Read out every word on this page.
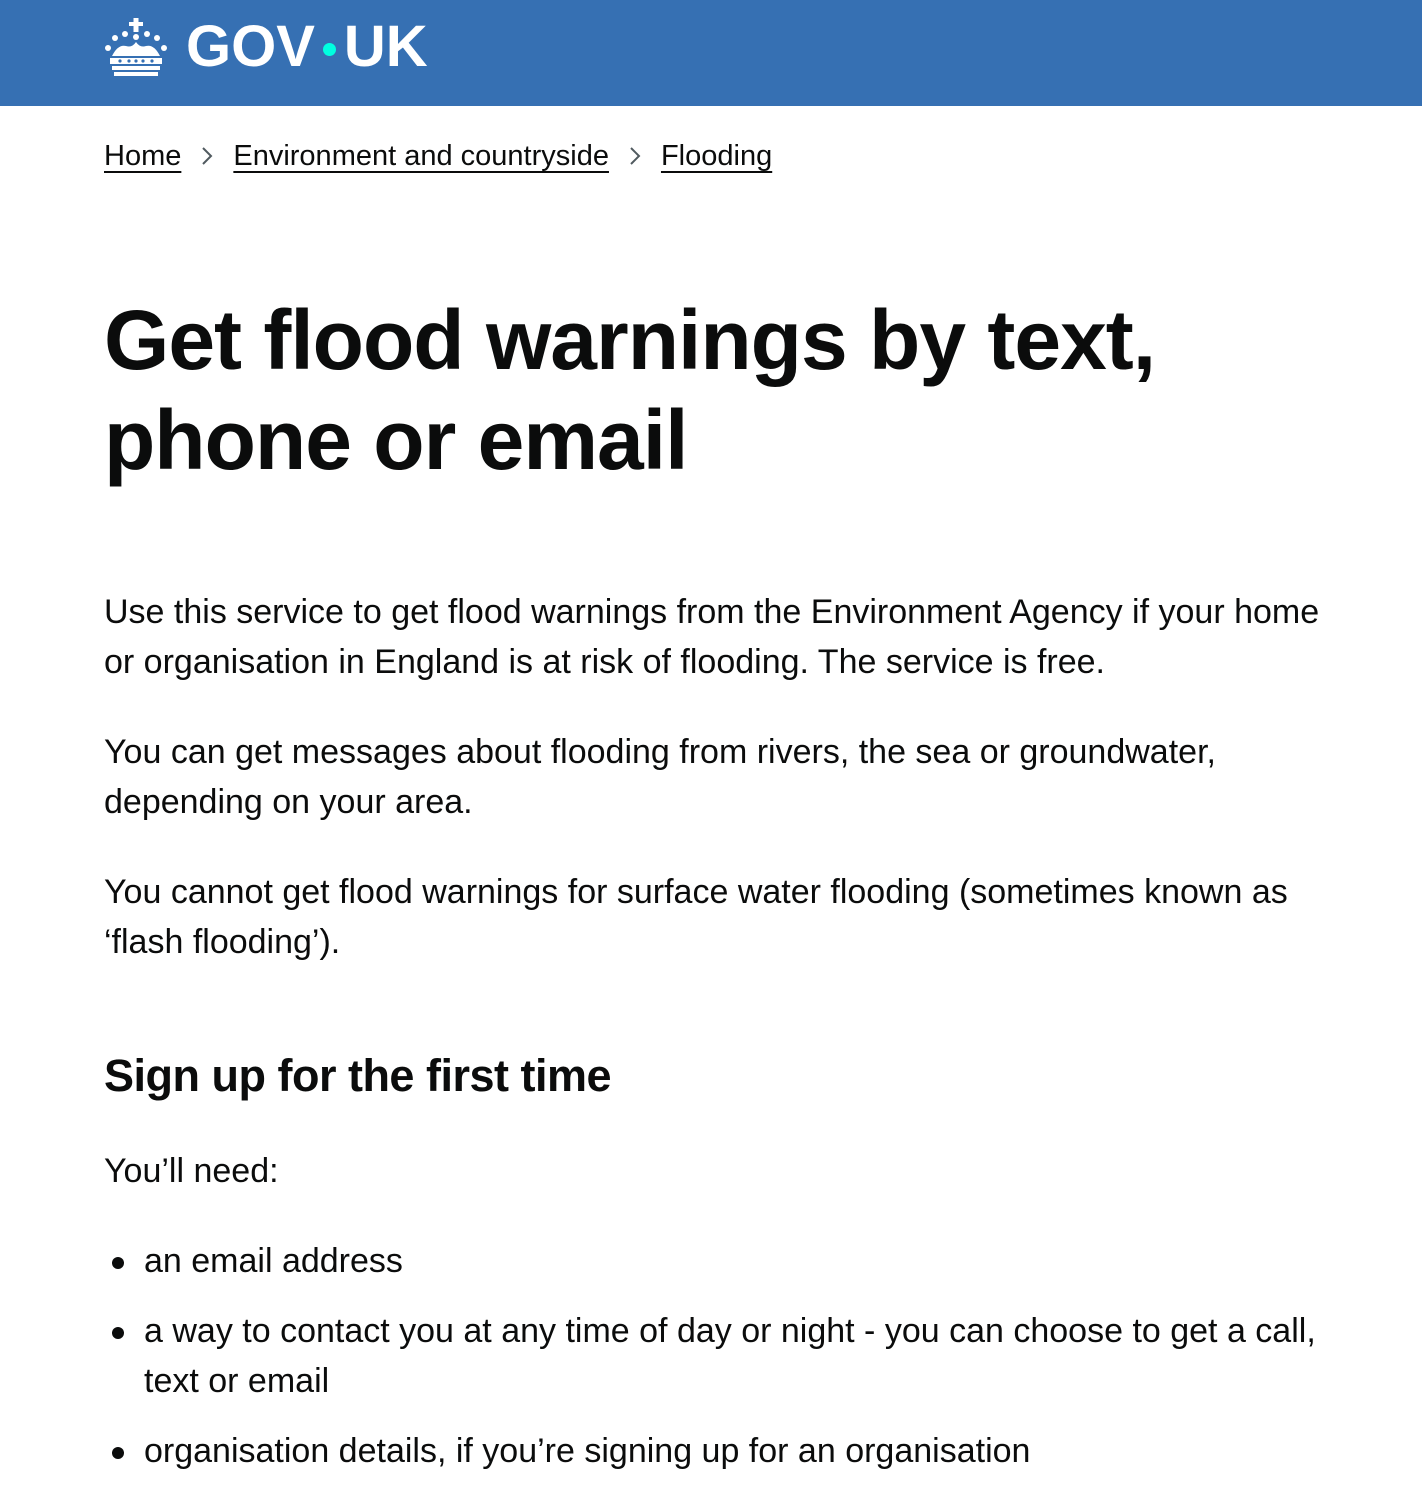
GOV UK
Home Environment and countryside Flooding
Get flood warnings by text, phone or email

Use this service to get flood warnings from the Environment Agency if your home or organisation in England is at risk of flooding. The service is free.

You can get messages about flooding from rivers, the sea or groundwater, depending on your area.

You cannot get flood warnings for surface water flooding (sometimes known as ‘flash flooding’).

Sign up for the first time

You’ll need:

an email address
a way to contact you at any time of day or night - you can choose to get a call, text or email
organisation details, if you’re signing up for an organisation
